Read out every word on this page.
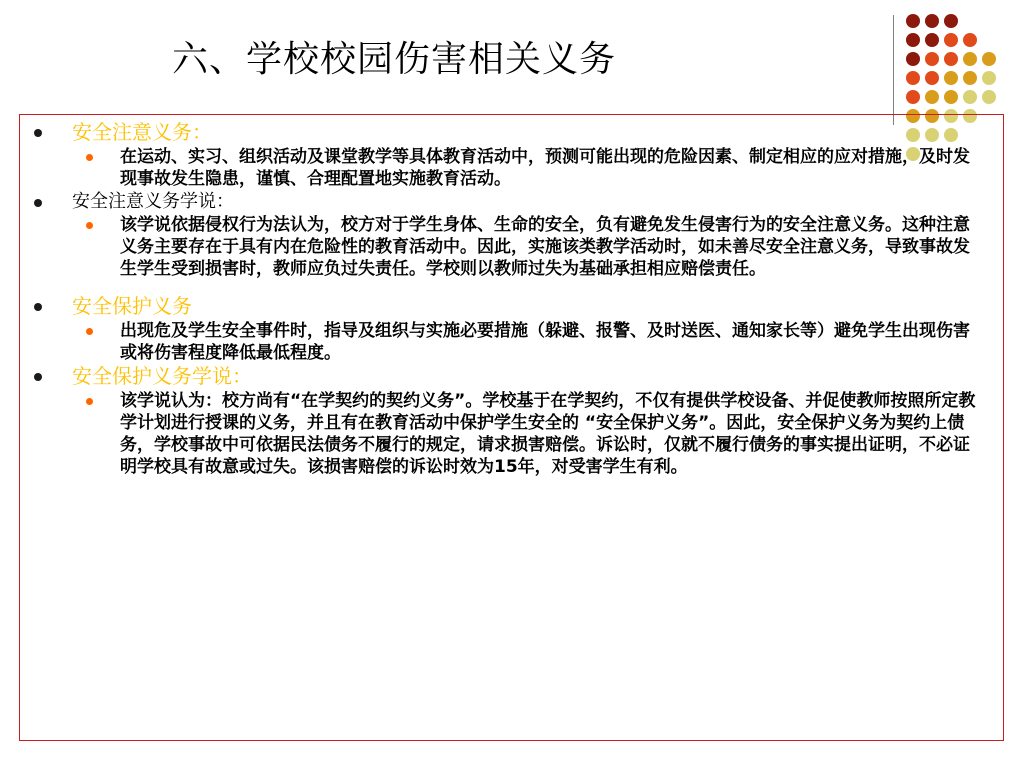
六、学校校园伤害相关义务

安全注意义务：

在运动、实习、组织活动及课堂教学等具体教育活动中，预测可能出现的危险因素、制定相应的应对措施，及时发现事故发生隐患，谨慎、合理配置地实施教育活动。

安全注意义务学说：

该学说依据侵权行为法认为，校方对于学生身体、生命的安全，负有避免发生侵害行为的安全注意义务。这种注意义务主要存在于具有内在危险性的教育活动中。因此，实施该类教学活动时，如未善尽安全注意义务，导致事故发生学生受到损害时，教师应负过失责任。学校则以教师过失为基础承担相应赔偿责任。

安全保护义务

出现危及学生安全事件时，指导及组织与实施必要措施（躲避、报警、及时送医、通知家长等）避免学生出现伤害或将伤害程度降低最低程度。

安全保护义务学说：

该学说认为：校方尚有“在学契约的契约义务”。学校基于在学契约，不仅有提供学校设备、并促使教师按照所定教学计划进行授课的义务，并且有在教育活动中保护学生安全的 “安全保护义务”。因此，安全保护义务为契约上债务，学校事故中可依据民法债务不履行的规定，请求损害赔偿。诉讼时，仅就不履行债务的事实提出证明，不必证明学校具有故意或过失。该损害赔偿的诉讼时效为15年，对受害学生有利。
